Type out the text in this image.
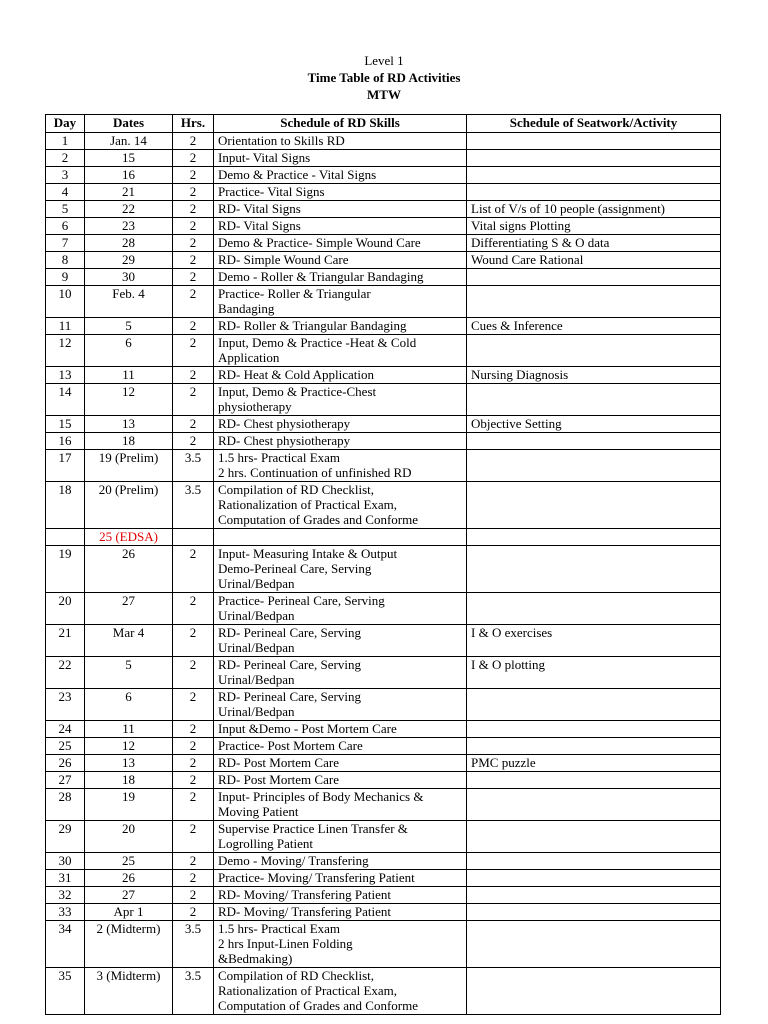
Level 1
Time Table of RD Activities
MTW
Day	Dates	Hrs.	Schedule of RD Skills	Schedule of Seatwork/Activity
1	Jan. 14	2	Orientation to Skills RD	
2	15	2	Input- Vital Signs	
3	16	2	Demo & Practice - Vital Signs	
4	21	2	Practice- Vital Signs	
5	22	2	RD- Vital Signs	List of V/s of 10 people (assignment)
6	23	2	RD- Vital Signs	Vital signs Plotting
7	28	2	Demo & Practice- Simple Wound Care	Differentiating S & O data
8	29	2	RD- Simple Wound Care	Wound Care Rational
9	30	2	Demo - Roller & Triangular Bandaging	
10	Feb. 4	2	Practice- Roller & Triangular
Bandaging	
11	5	2	RD- Roller & Triangular Bandaging	Cues & Inference
12	6	2	Input, Demo & Practice -Heat & Cold
Application	
13	11	2	RD- Heat & Cold Application	Nursing Diagnosis
14	12	2	Input, Demo & Practice-Chest
physiotherapy	
15	13	2	RD- Chest physiotherapy	Objective Setting
16	18	2	RD- Chest physiotherapy	
17	19 (Prelim)	3.5	1.5 hrs- Practical Exam
2 hrs. Continuation of unfinished RD	
18	20 (Prelim)	3.5	Compilation of RD Checklist,
Rationalization of Practical Exam,
Computation of Grades and Conforme	
	25 (EDSA)			
19	26	2	Input- Measuring Intake & Output
Demo-Perineal Care, Serving
Urinal/Bedpan	
20	27	2	Practice- Perineal Care, Serving
Urinal/Bedpan	
21	Mar 4	2	RD- Perineal Care, Serving
Urinal/Bedpan	I & O exercises
22	5	2	RD- Perineal Care, Serving
Urinal/Bedpan	I & O plotting
23	6	2	RD- Perineal Care, Serving
Urinal/Bedpan	
24	11	2	Input &Demo - Post Mortem Care	
25	12	2	Practice- Post Mortem Care	
26	13	2	RD- Post Mortem Care	PMC puzzle
27	18	2	RD- Post Mortem Care	
28	19	2	Input- Principles of Body Mechanics &
Moving Patient

29	20	2	Supervise Practice Linen Transfer &
Logrolling Patient	
30	25	2	Demo - Moving/ Transfering	
31	26	2	Practice- Moving/ Transfering Patient	
32	27	2	RD- Moving/ Transfering Patient	
33	Apr 1	2	RD- Moving/ Transfering Patient	
34	2 (Midterm)	3.5	1.5 hrs- Practical Exam
2 hrs Input-Linen Folding
&Bedmaking)	
35	3 (Midterm)	3.5	Compilation of RD Checklist,
Rationalization of Practical Exam,
Computation of Grades and Conforme	
